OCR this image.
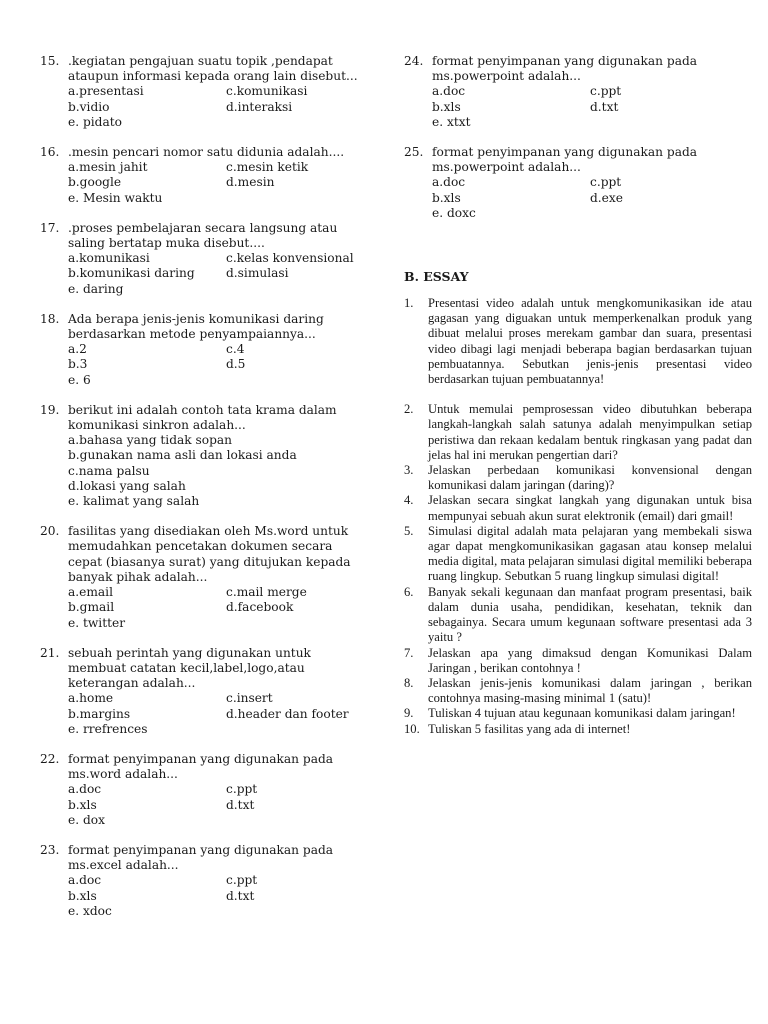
15. .kegiatan pengajuan suatu topik ,pendapat ataupun informasi kepada orang lain disebut...
a.presentasi	c.komunikasi
b.vidio	d.interaksi
e. pidato
16. .mesin pencari nomor satu didunia adalah....
a.mesin jahit	c.mesin ketik
b.google	d.mesin
e. Mesin waktu
17. .proses pembelajaran secara langsung atau saling bertatap muka disebut....
a.komunikasi	c.kelas konvensional
b.komunikasi daring	d.simulasi
e. daring
18. Ada berapa jenis-jenis komunikasi daring berdasarkan metode penyampaiannya...
a.2	c.4
b.3	d.5
e. 6
19. berikut ini adalah contoh tata krama dalam komunikasi sinkron adalah...
a.bahasa yang tidak sopan
b.gunakan nama asli dan lokasi anda
c.nama palsu
d.lokasi yang salah
e. kalimat yang salah
20. fasilitas yang disediakan oleh Ms.word untuk memudahkan pencetakan dokumen secara cepat (biasanya surat) yang ditujukan kepada banyak pihak adalah...
a.email	c.mail merge
b.gmail	d.facebook
e. twitter
21. sebuah perintah yang digunakan untuk membuat catatan kecil,label,logo,atau keterangan adalah...
a.home	c.insert
b.margins	d.header dan footer
e. rrefrences
22. format penyimpanan yang digunakan pada ms.word adalah...
a.doc	c.ppt
b.xls	d.txt
e. dox
23. format penyimpanan yang digunakan pada ms.excel adalah...
a.doc	c.ppt
b.xls	d.txt
e. xdoc
24. format penyimpanan yang digunakan pada ms.powerpoint adalah...
a.doc	c.ppt
b.xls	d.txt
e. xtxt
25. format penyimpanan yang digunakan pada ms.powerpoint adalah...
a.doc	c.ppt
b.xls	d.exe
e. doxc
B. ESSAY
1.	Presentasi video adalah untuk mengkomunikasikan ide atau gagasan yang diguakan untuk memperkenalkan produk yang dibuat melalui proses merekam gambar dan suara, presentasi video dibagi lagi menjadi beberapa bagian berdasarkan tujuan pembuatannya. Sebutkan jenis-jenis presentasi video berdasarkan tujuan pembuatannya!
2.	Untuk memulai pemprosessan video dibutuhkan beberapa langkah-langkah salah satunya adalah menyimpulkan setiap peristiwa dan rekaan kedalam bentuk ringkasan yang padat dan jelas hal ini merukan pengertian dari?
3.	Jelaskan perbedaan komunikasi konvensional dengan komunikasi dalam jaringan (daring)?
4.	Jelaskan secara singkat langkah yang digunakan untuk bisa mempunyai sebuah akun surat elektronik (email) dari gmail!
5.	Simulasi digital adalah mata pelajaran yang membekali siswa agar dapat mengkomunikasikan gagasan atau konsep melalui media digital, mata pelajaran simulasi digital memiliki beberapa ruang lingkup. Sebutkan 5 ruang lingkup simulasi digital!
6.	Banyak sekali kegunaan dan manfaat program presentasi, baik dalam dunia usaha, pendidikan, kesehatan, teknik dan sebagainya. Secara umum kegunaan software presentasi ada 3 yaitu ?
7.	Jelaskan apa yang dimaksud dengan Komunikasi Dalam Jaringan , berikan contohnya !
8.	Jelaskan jenis-jenis komunikasi dalam jaringan , berikan contohnya masing-masing minimal 1 (satu)!
9.	Tuliskan 4 tujuan atau kegunaan komunikasi dalam jaringan!
10. Tuliskan 5 fasilitas yang ada di internet!
